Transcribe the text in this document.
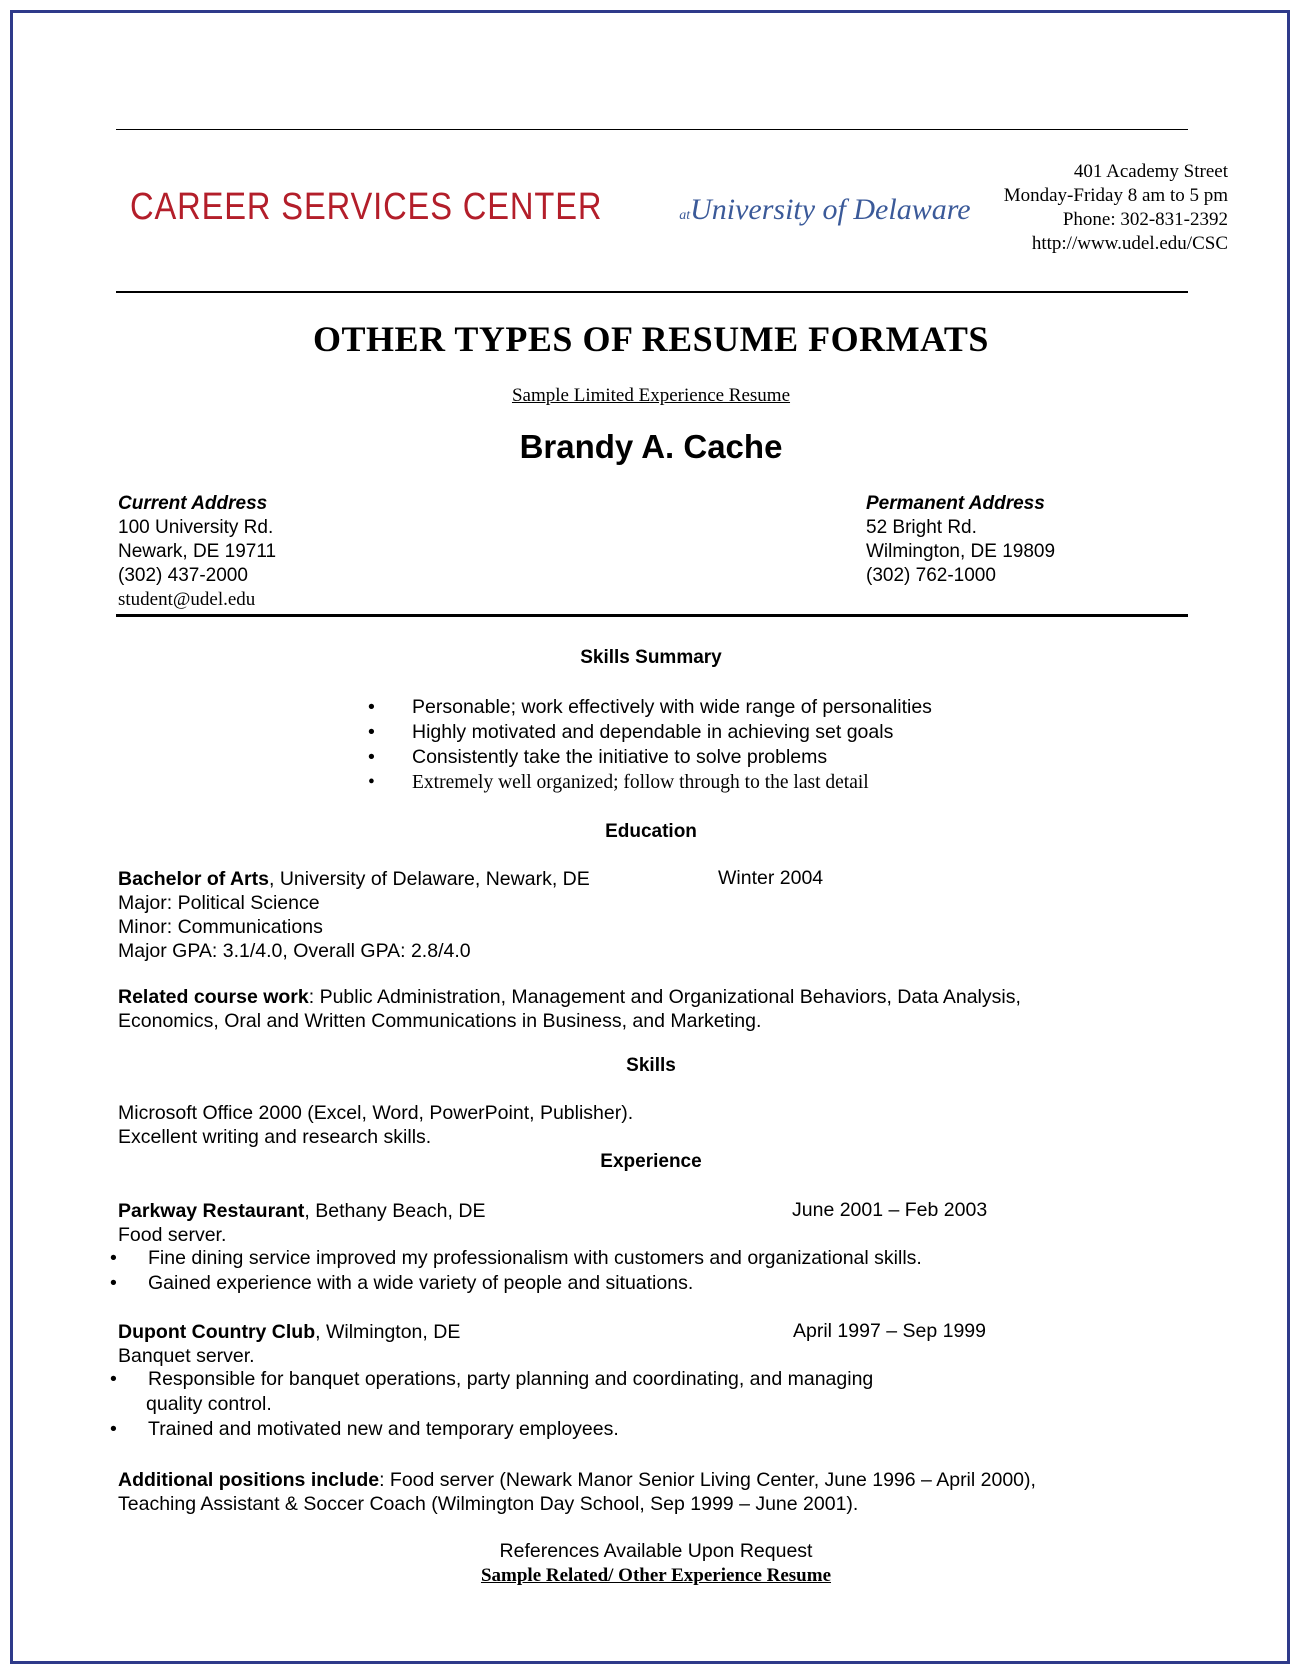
CAREER SERVICES CENTER	atUniversity of Delaware
401 Academy Street
Monday-Friday 8 am to 5 pm
Phone: 302-831-2392
http://www.udel.edu/CSC
OTHER TYPES OF RESUME FORMATS
Sample Limited Experience Resume
Brandy A. Cache
Current Address
100 University Rd.
Newark, DE 19711
(302) 437-2000
student@udel.edu
Permanent Address
52 Bright Rd.
Wilmington, DE 19809
(302) 762-1000
Skills Summary
• Personable; work effectively with wide range of personalities
• Highly motivated and dependable in achieving set goals
• Consistently take the initiative to solve problems
• Extremely well organized; follow through to the last detail
Education
Bachelor of Arts, University of Delaware, Newark, DE
Major: Political Science
Minor: Communications
Major GPA: 3.1/4.0, Overall GPA: 2.8/4.0
Winter 2004
Related course work: Public Administration, Management and Organizational Behaviors, Data Analysis,
Economics, Oral and Written Communications in Business, and Marketing.
Skills
Microsoft Office 2000 (Excel, Word, PowerPoint, Publisher).
Excellent writing and research skills.
Experience
Parkway Restaurant, Bethany Beach, DE
Food server.
June 2001 – Feb 2003
• Fine dining service improved my professionalism with customers and organizational skills.
• Gained experience with a wide variety of people and situations.
Dupont Country Club, Wilmington, DE
Banquet server.
April 1997 – Sep 1999
• Responsible for banquet operations, party planning and coordinating, and managing
quality control.
• Trained and motivated new and temporary employees.
Additional positions include: Food server (Newark Manor Senior Living Center, June 1996 – April 2000),
Teaching Assistant & Soccer Coach (Wilmington Day School, Sep 1999 – June 2001).
References Available Upon Request
Sample Related/ Other Experience Resume
